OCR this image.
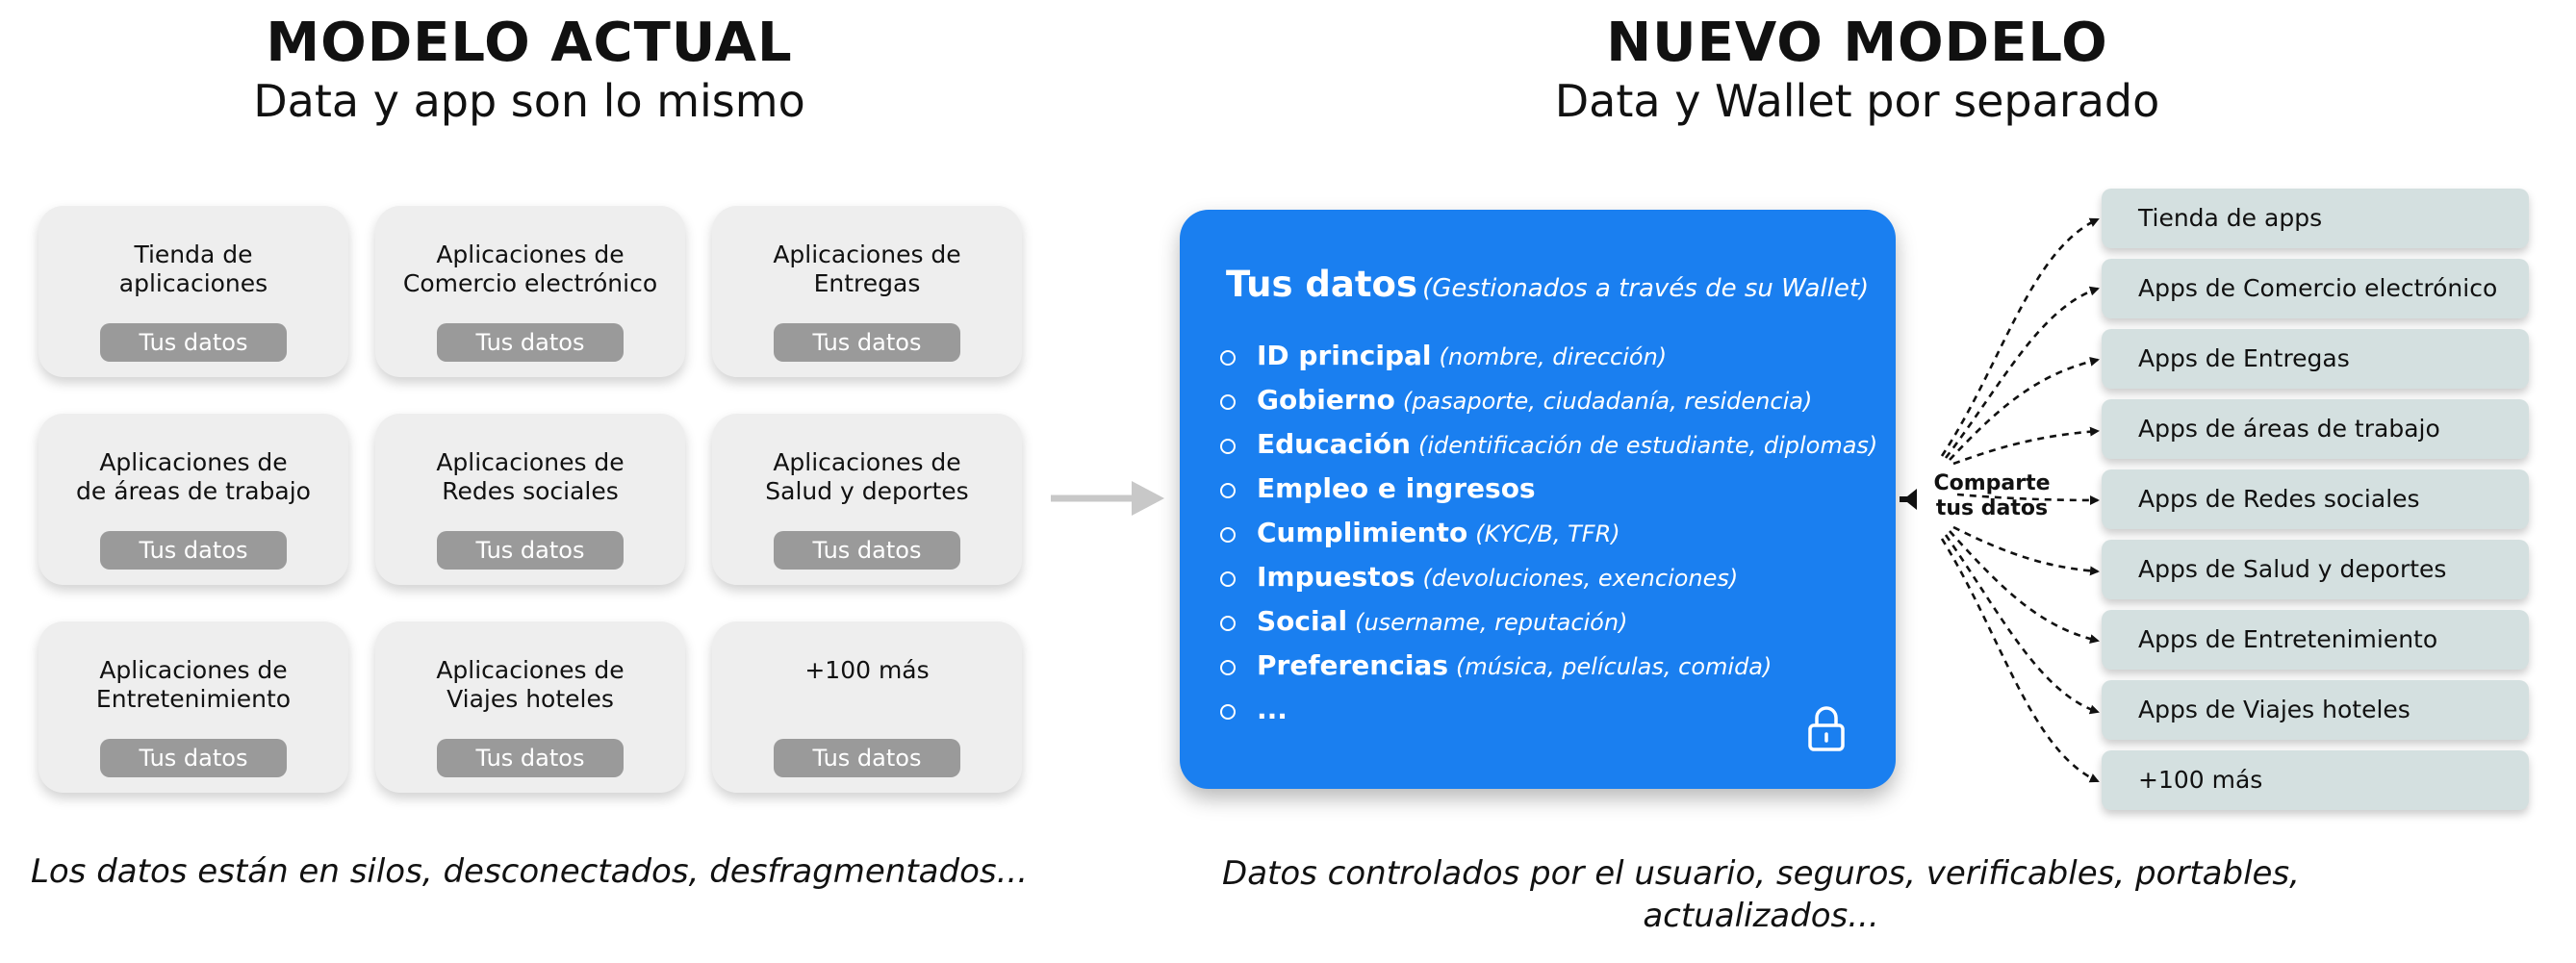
MODELO ACTUAL
Data y app son lo mismo
Tienda de
aplicaciones
Tus datos
Aplicaciones de
Comercio electrónico
Tus datos
Aplicaciones de
Entregas
Tus datos
Aplicaciones de
de áreas de trabajo
Tus datos
Aplicaciones de
Redes sociales
Tus datos
Aplicaciones de
Salud y deportes
Tus datos
Aplicaciones de
Entretenimiento
Tus datos
Aplicaciones de
Viajes hoteles
Tus datos
+100 más

Tus datos
Los datos están en silos, desconectados, desfragmentados...
NUEVO MODELO
Data y Wallet por separado
Tus datos (Gestionados a través de su Wallet)
ID principal (nombre, dirección)
Gobierno (pasaporte, ciudadanía, residencia)
Educación (identificación de estudiante, diplomas)
Empleo e ingresos
Cumplimiento (KYC/B, TFR)
Impuestos (devoluciones, exenciones)
Social (username, reputación)
Preferencias (música, películas, comida)
...
Comparte
tus datos
Tienda de apps
Apps de Comercio electrónico
Apps de Entregas
Apps de áreas de trabajo
Apps de Redes sociales
Apps de Salud y deportes
Apps de Entretenimiento
Apps de Viajes hoteles
+100 más
Datos controlados por el usuario, seguros, verificables, portables,
actualizados...
